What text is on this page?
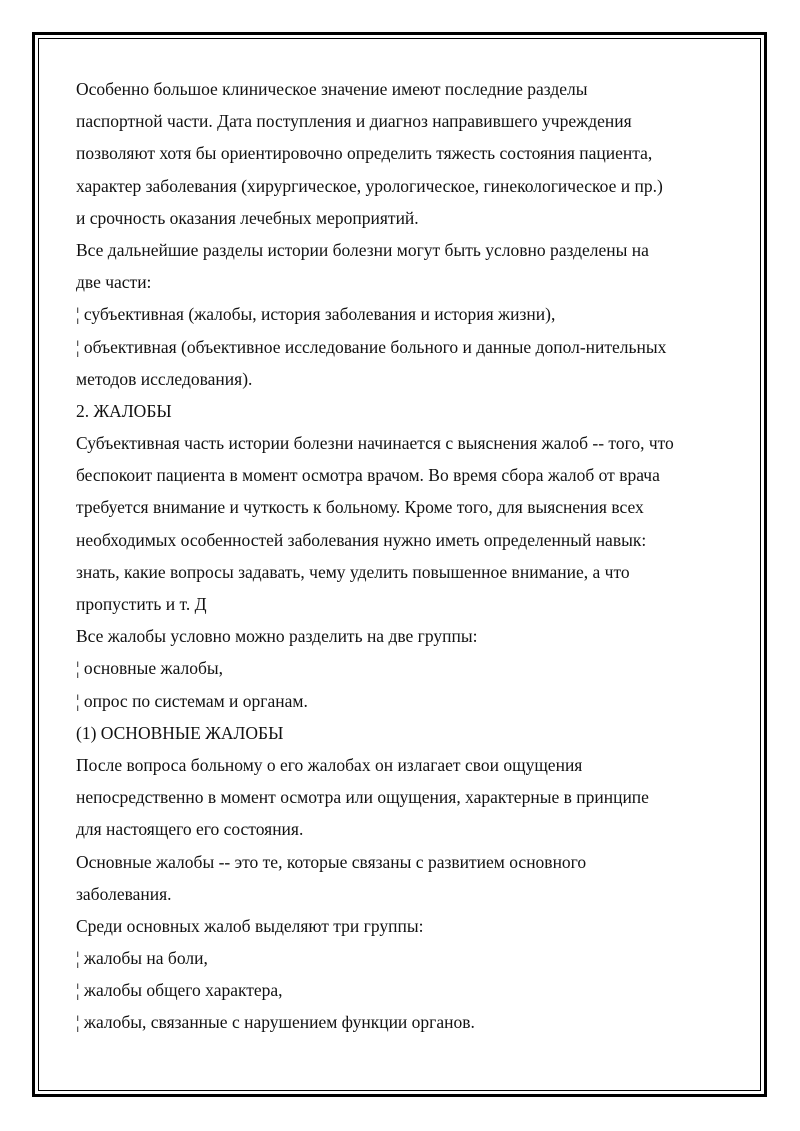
Особенно большое клиническое значение имеют последние разделы
паспортной части. Дата поступления и диагноз направившего учреждения
позволяют хотя бы ориентировочно определить тяжесть состояния пациента,
характер заболевания (хирургическое, урологическое, гинекологическое и пр.)
и срочность оказания лечебных мероприятий.
Все дальнейшие разделы истории болезни могут быть условно разделены на
две части:
¦ субъективная (жалобы, история заболевания и история жизни),
¦ объективная (объективное исследование больного и данные допол-нительных
методов исследования).
2. ЖАЛОБЫ
Субъективная часть истории болезни начинается с выяснения жалоб -- того, что
беспокоит пациента в момент осмотра врачом. Во время сбора жалоб от врача
требуется внимание и чуткость к больному. Кроме того, для выяснения всех
необходимых особенностей заболевания нужно иметь определенный навык:
знать, какие вопросы задавать, чему уделить повышенное внимание, а что
пропустить и т. Д
Все жалобы условно можно разделить на две группы:
¦ основные жалобы,
¦ опрос по системам и органам.
(1) ОСНОВНЫЕ ЖАЛОБЫ
После вопроса больному о его жалобах он излагает свои ощущения
непосредственно в момент осмотра или ощущения, характерные в принципе
для настоящего его состояния.
Основные жалобы -- это те, которые связаны с развитием основного
заболевания.
Среди основных жалоб выделяют три группы:
¦ жалобы на боли,
¦ жалобы общего характера,
¦ жалобы, связанные с нарушением функции органов.
